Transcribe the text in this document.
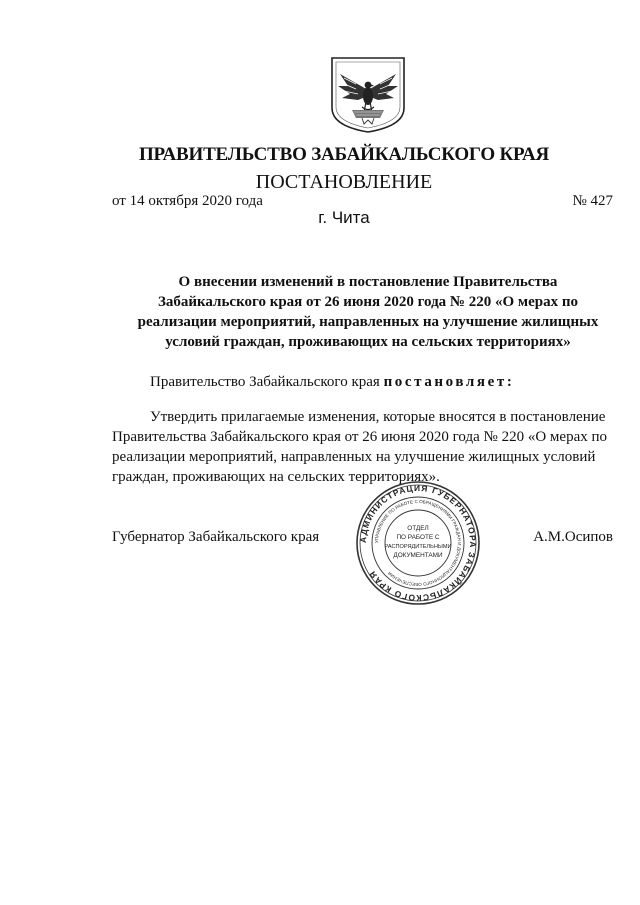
ПРАВИТЕЛЬСТВО ЗАБАЙКАЛЬСКОГО КРАЯ
ПОСТАНОВЛЕНИЕ
от 14 октября 2020 года	№ 427
г. Чита
О внесении изменений в постановление Правительства
Забайкальского края от 26 июня 2020 года № 220 «О мерах по
реализации мероприятий, направленных на улучшение жилищных
условий граждан, проживающих на сельских территориях»
Правительство Забайкальского края постановляет:
Утвердить прилагаемые изменения, которые вносятся в постановление
Правительства Забайкальского края от 26 июня 2020 года № 220 «О мерах по
реализации мероприятий, направленных на улучшение жилищных условий
граждан, проживающих на сельских территориях».
Губернатор Забайкальского края	А.М.Осипов
АДМИНИСТРАЦИЯ ГУБЕРНАТОРА ЗАБАЙКАЛЬСКОГО КРАЯ
УПРАВЛЕНИЕ ПО РАБОТЕ С ОБРАЩЕНИЯМИ ГРАЖДАН И ДОКУМЕНТАЦИОННОГО ОБЕСПЕЧЕНИЯ
ОТДЕЛ
ПО РАБОТЕ С
РАСПОРЯДИТЕЛЬНЫМИ
ДОКУМЕНТАМИ
